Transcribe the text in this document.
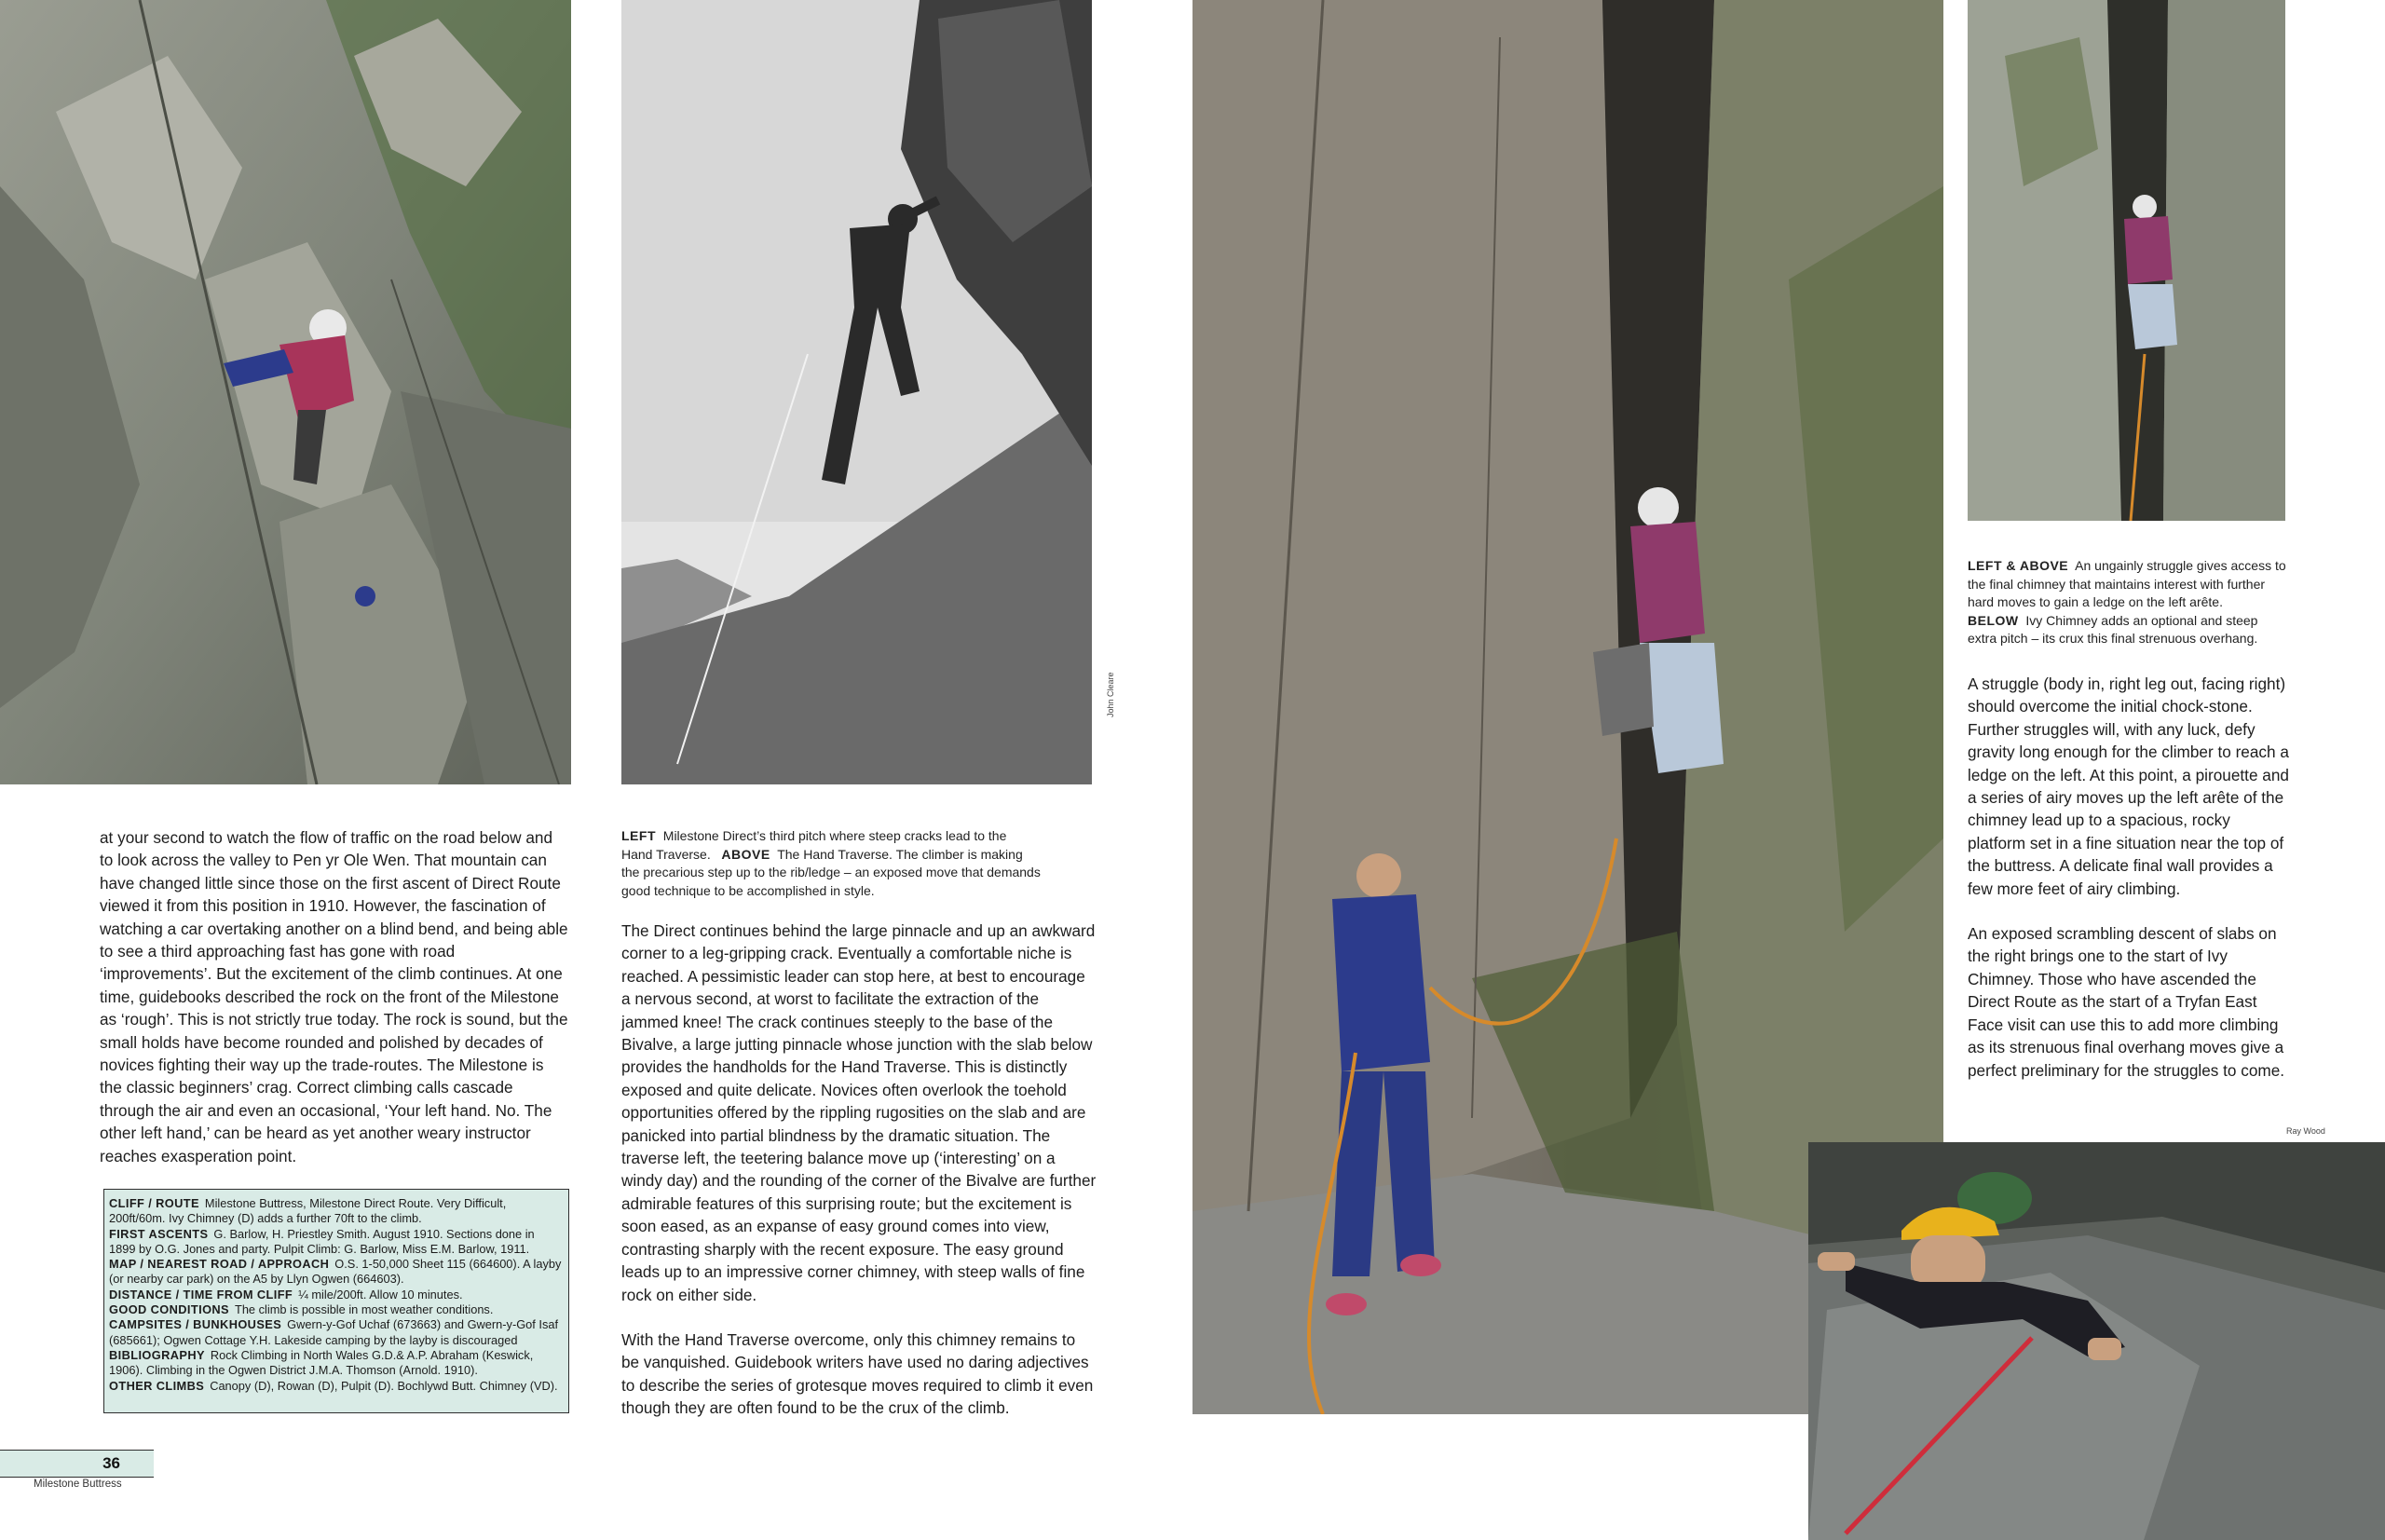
John Cleare

at your second to watch the flow of traffic on the road below and to look across the valley to Pen yr Ole Wen. That mountain can have changed little since those on the first ascent of Direct Route viewed it from this position in 1910. However, the fascination of watching a car overtaking another on a blind bend, and being able to see a third approaching fast has gone with road ‘improvements’. But the excitement of the climb continues. At one time, guidebooks described the rock on the front of the Milestone as ‘rough’. This is not strictly true today. The rock is sound, but the small holds have become rounded and polished by decades of novices fighting their way up the trade-routes. The Milestone is the classic beginners’ crag. Correct climbing calls cascade through the air and even an occasional, ‘Your left hand. No. The other left hand,’ can be heard as yet another weary instructor reaches exasperation point.

LEFT Milestone Direct’s third pitch where steep cracks lead to the Hand Traverse. ABOVE The Hand Traverse. The climber is making the precarious step up to the rib/ledge – an exposed move that demands good technique to be accomplished in style.

The Direct continues behind the large pinnacle and up an awkward corner to a leg-gripping crack. Eventually a comfortable niche is reached. A pessimistic leader can stop here, at best to encourage a nervous second, at worst to facilitate the extraction of the jammed knee! The crack continues steeply to the base of the Bivalve, a large jutting pinnacle whose junction with the slab below provides the handholds for the Hand Traverse. This is distinctly exposed and quite delicate. Novices often overlook the toehold opportunities offered by the rippling rugosities on the slab and are panicked into partial blindness by the dramatic situation. The traverse left, the teetering balance move up (‘interesting’ on a windy day) and the rounding of the corner of the Bivalve are further admirable features of this surprising route; but the excitement is soon eased, as an expanse of easy ground comes into view, contrasting sharply with the recent exposure. The easy ground leads up to an impressive corner chimney, with steep walls of fine rock on either side.

With the Hand Traverse overcome, only this chimney remains to be vanquished. Guidebook writers have used no daring adjectives to describe the series of grotesque moves required to climb it even though they are often found to be the crux of the climb.

LEFT & ABOVE An ungainly struggle gives access to the final chimney that maintains interest with further hard moves to gain a ledge on the left arête.
BELOW Ivy Chimney adds an optional and steep extra pitch – its crux this final strenuous overhang.

A struggle (body in, right leg out, facing right) should overcome the initial chock-stone. Further struggles will, with any luck, defy gravity long enough for the climber to reach a ledge on the left. At this point, a pirouette and a series of airy moves up the left arête of the chimney lead up to a spacious, rocky platform set in a fine situation near the top of the buttress. A delicate final wall provides a few more feet of airy climbing.

An exposed scrambling descent of slabs on the right brings one to the start of Ivy Chimney. Those who have ascended the Direct Route as the start of a Tryfan East Face visit can use this to add more climbing as its strenuous final overhang moves give a perfect preliminary for the struggles to come.

Ray Wood

CLIFF / ROUTE Milestone Buttress, Milestone Direct Route. Very Difficult, 200ft/60m. Ivy Chimney (D) adds a further 70ft to the climb.

FIRST ASCENTS G. Barlow, H. Priestley Smith. August 1910. Sections done in 1899 by O.G. Jones and party. Pulpit Climb: G. Barlow, Miss E.M. Barlow, 1911.

MAP / NEAREST ROAD / APPROACH O.S. 1-50,000 Sheet 115 (664600). A layby (or nearby car park) on the A5 by Llyn Ogwen (664603).

DISTANCE / TIME FROM CLIFF ¼ mile/200ft. Allow 10 minutes.

GOOD CONDITIONS The climb is possible in most weather conditions.

CAMPSITES / BUNKHOUSES Gwern-y-Gof Uchaf (673663) and Gwern-y-Gof Isaf (685661); Ogwen Cottage Y.H. Lakeside camping by the layby is discouraged

BIBLIOGRAPHY Rock Climbing in North Wales G.D.& A.P. Abraham (Keswick, 1906). Climbing in the Ogwen District J.M.A. Thomson (Arnold. 1910).

OTHER CLIMBS Canopy (D), Rowan (D), Pulpit (D). Bochlywd Butt. Chimney (VD).

36
Milestone Buttress
